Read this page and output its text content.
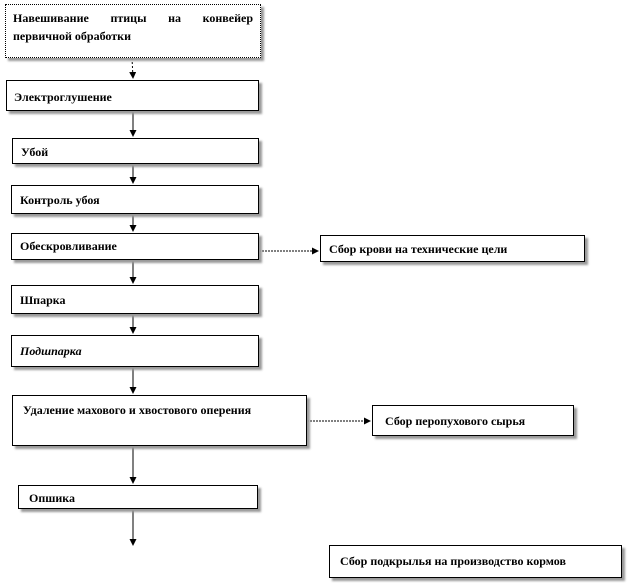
Навешивание птицы на конвейер первичной обработки
Электроглушение
Убой
Контроль убоя
Обескровливание	Сбор крови на технические цели
Шпарка
Подшпарка
Удаление махового и хвостового оперения
Сбор перопухового сырья
Опшика
Сбор подкрылья на производство кормов
